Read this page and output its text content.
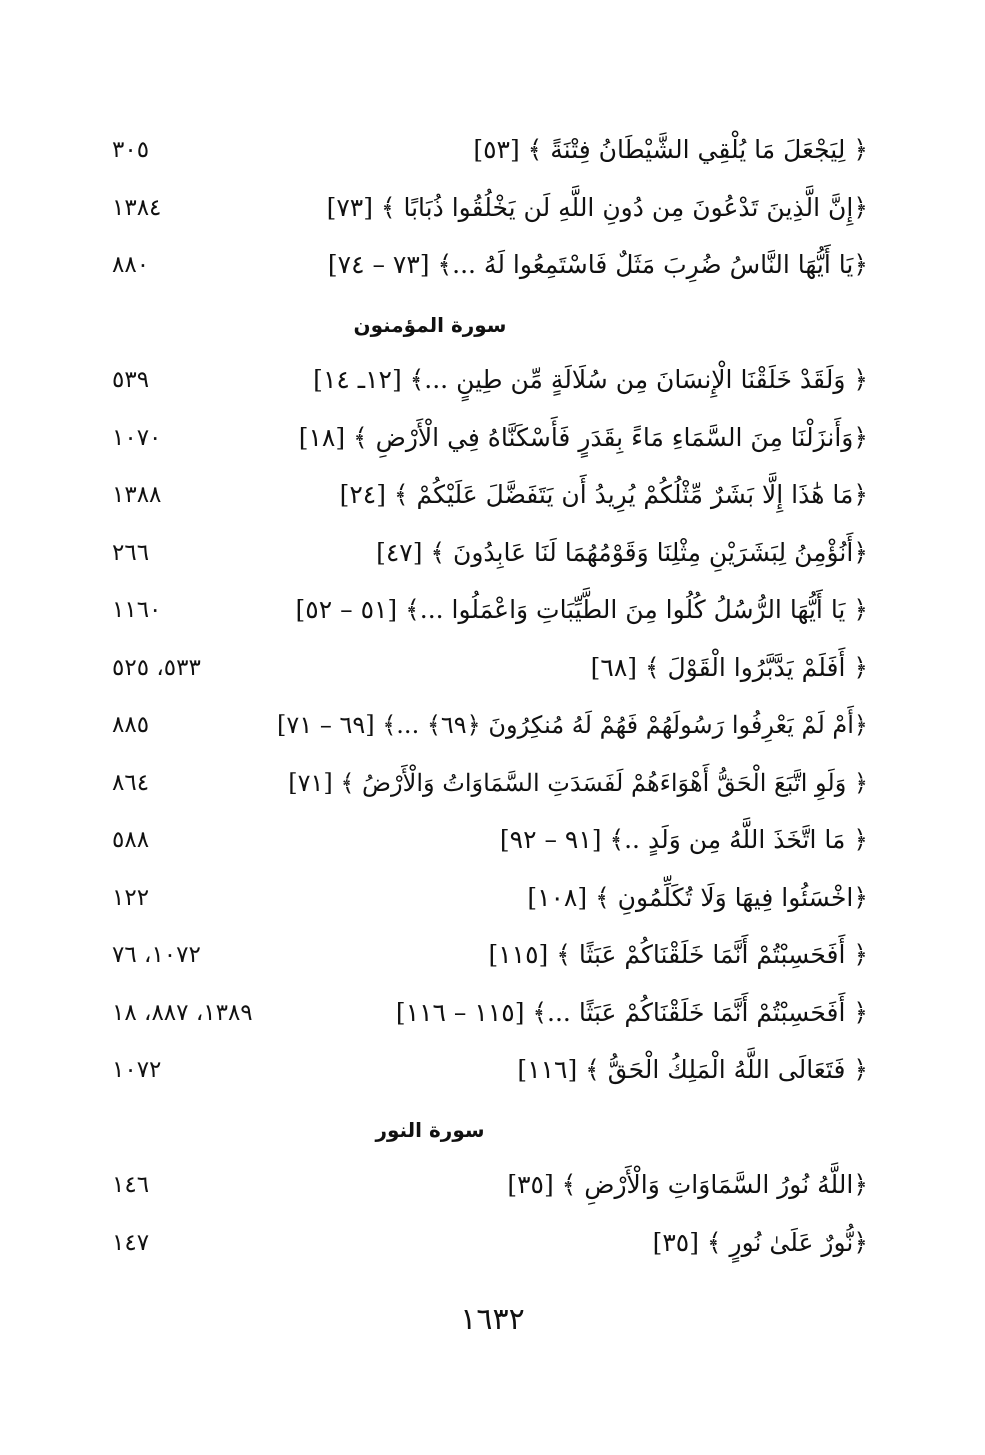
﴿ لِيَجْعَلَ مَا يُلْقِي الشَّيْطَانُ فِتْنَةً ﴾ [٥٣]
٣٠٥
﴿إِنَّ الَّذِينَ تَدْعُونَ مِن دُونِ اللَّهِ لَن يَخْلُقُوا ذُبَابًا ﴾ [٧٣]
١٣٨٤
﴿يَا أَيُّهَا النَّاسُ ضُرِبَ مَثَلٌ فَاسْتَمِعُوا لَهُ ...﴾ [٧٣ – ٧٤]
٨٨٠
سورة المؤمنون
﴿ وَلَقَدْ خَلَقْنَا الْإِنسَانَ مِن سُلَالَةٍ مِّن طِينٍ ...﴾ [١٢ـ ١٤]
٥٣٩
﴿وَأَنزَلْنَا مِنَ السَّمَاءِ مَاءً بِقَدَرٍ فَأَسْكَنَّاهُ فِي الْأَرْضِ ﴾ [١٨]
١٠٧٠
﴿مَا هَٰذَا إِلَّا بَشَرٌ مِّثْلُكُمْ يُرِيدُ أَن يَتَفَضَّلَ عَلَيْكُمْ ﴾ [٢٤]
١٣٨٨
﴿أَنُؤْمِنُ لِبَشَرَيْنِ مِثْلِنَا وَقَوْمُهُمَا لَنَا عَابِدُونَ ﴾ [٤٧]
٢٦٦
﴿ يَا أَيُّهَا الرُّسُلُ كُلُوا مِنَ الطَّيِّبَاتِ وَاعْمَلُوا ...﴾ [٥١ – ٥٢]
١١٦٠
﴿ أَفَلَمْ يَدَّبَّرُوا الْقَوْلَ ﴾ [٦٨]
٥٣٣، ٥٢٥
﴿أَمْ لَمْ يَعْرِفُوا رَسُولَهُمْ فَهُمْ لَهُ مُنكِرُونَ ﴿٦٩﴾ ...﴾ [٦٩ – ٧١]
٨٨٥
﴿ وَلَوِ اتَّبَعَ الْحَقُّ أَهْوَاءَهُمْ لَفَسَدَتِ السَّمَاوَاتُ وَالْأَرْضُ ﴾ [٧١]
٨٦٤
﴿ مَا اتَّخَذَ اللَّهُ مِن وَلَدٍ ..﴾ [٩١ – ٩٢]
٥٨٨
﴿اخْسَئُوا فِيهَا وَلَا تُكَلِّمُونِ ﴾ [١٠٨]
١٢٢
﴿ أَفَحَسِبْتُمْ أَنَّمَا خَلَقْنَاكُمْ عَبَثًا ﴾ [١١٥]
١٠٧٢، ٧٦
﴿ أَفَحَسِبْتُمْ أَنَّمَا خَلَقْنَاكُمْ عَبَثًا ...﴾ [١١٥ – ١١٦]
١٣٨٩، ٨٨٧، ١٨
﴿ فَتَعَالَى اللَّهُ الْمَلِكُ الْحَقُّ ﴾ [١١٦]
١٠٧٢
سورة النور
﴿اللَّهُ نُورُ السَّمَاوَاتِ وَالْأَرْضِ ﴾ [٣٥]
١٤٦
﴿نُّورٌ عَلَىٰ نُورٍ ﴾ [٣٥]
١٤٧
١٦٣٢
